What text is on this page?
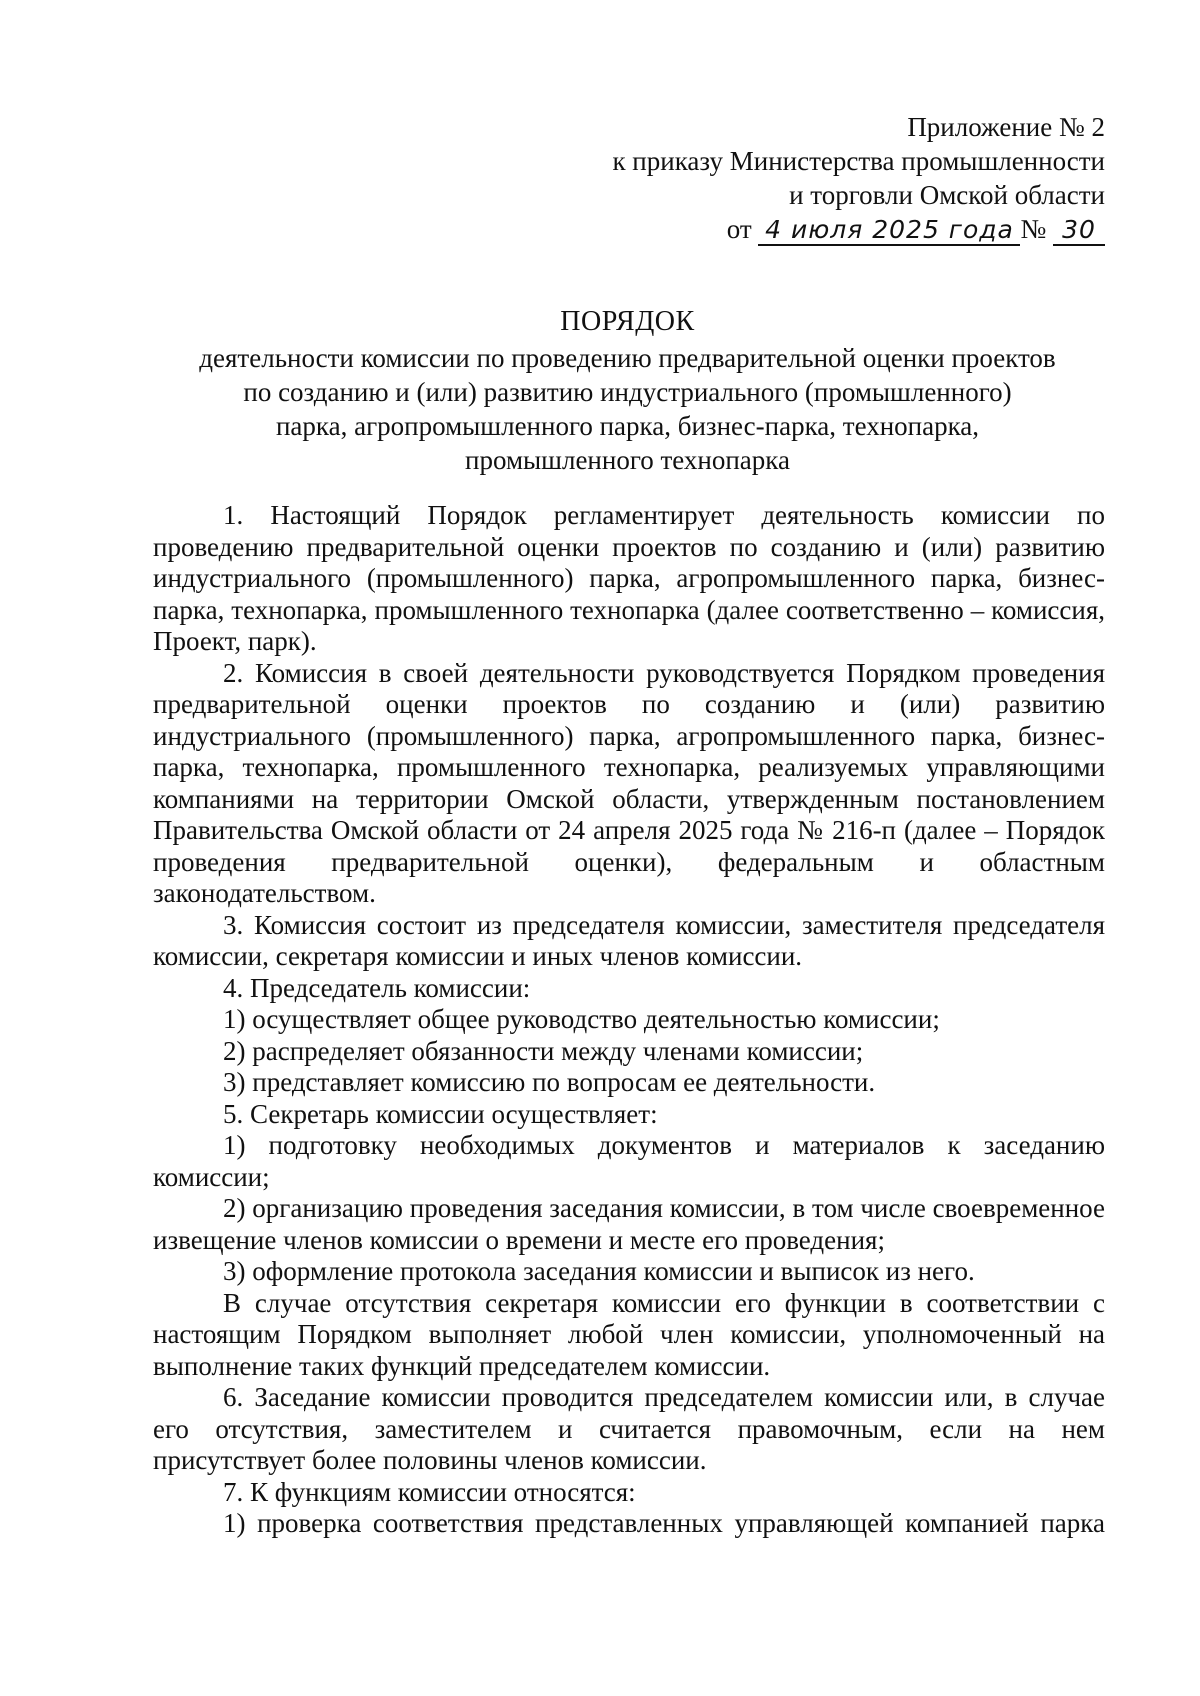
Приложение № 2
к приказу Министерства промышленности
и торговли Омской области
от 4 июля 2025 года № 30
ПОРЯДОК
деятельности комиссии по проведению предварительной оценки проектов
по созданию и (или) развитию индустриального (промышленного)
парка, агропромышленного парка, бизнес-парка, технопарка,
промышленного технопарка

1. Настоящий Порядок регламентирует деятельность комиссии по проведению предварительной оценки проектов по созданию и (или) развитию индустриального (промышленного) парка, агропромышленного парка, бизнес-парка, технопарка, промышленного технопарка (далее соответственно – комиссия, Проект, парк).

2. Комиссия в своей деятельности руководствуется Порядком проведения предварительной оценки проектов по созданию и (или) развитию индустриального (промышленного) парка, агропромышленного парка, бизнес-парка, технопарка, промышленного технопарка, реализуемых управляющими компаниями на территории Омской области, утвержденным постановлением Правительства Омской области от 24 апреля 2025 года № 216-п (далее – Порядок проведения предварительной оценки), федеральным и областным законодательством.

3. Комиссия состоит из председателя комиссии, заместителя председателя комиссии, секретаря комиссии и иных членов комиссии.

4. Председатель комиссии:

1) осуществляет общее руководство деятельностью комиссии;

2) распределяет обязанности между членами комиссии;

3) представляет комиссию по вопросам ее деятельности.

5. Секретарь комиссии осуществляет:

1) подготовку необходимых документов и материалов к заседанию комиссии;

2) организацию проведения заседания комиссии, в том числе своевременное извещение членов комиссии о времени и месте его проведения;

3) оформление протокола заседания комиссии и выписок из него.

В случае отсутствия секретаря комиссии его функции в соответствии с настоящим Порядком выполняет любой член комиссии, уполномоченный на выполнение таких функций председателем комиссии.

6. Заседание комиссии проводится председателем комиссии или, в случае его отсутствия, заместителем и считается правомочным, если на нем присутствует более половины членов комиссии.

7. К функциям комиссии относятся:

1) проверка соответствия представленных управляющей компанией парка
